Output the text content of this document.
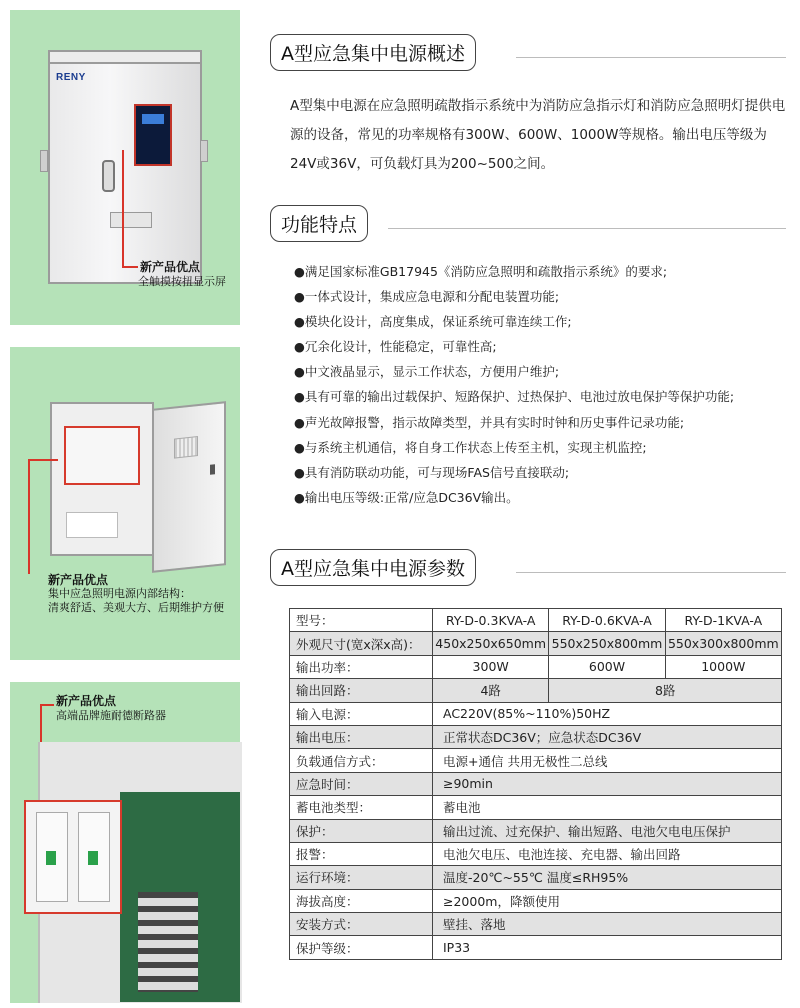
RENY
新产品优点
全触摸按扭显示屏
新产品优点
集中应急照明电源内部结构：
清爽舒适、美观大方、后期维护方便
新产品优点
高端品牌施耐德断路器
A型应急集中电源概述
A型集中电源在应急照明疏散指示系统中为消防应急指示灯和消防应急照明灯提供电源的设备，常见的功率规格有300W、600W、1000W等规格。输出电压等级为24V或36V，可负载灯具为200~500之间。
功能特点
●满足国家标准GB17945《消防应急照明和疏散指示系统》的要求;
●一体式设计，集成应急电源和分配电装置功能;
●模块化设计，高度集成，保证系统可靠连续工作;
●冗余化设计，性能稳定，可靠性高;
●中文液晶显示，显示工作状态，方便用户维护;
●具有可靠的输出过载保护、短路保护、过热保护、电池过放电保护等保护功能;
●声光故障报警，指示故障类型，并具有实时时钟和历史事件记录功能;
●与系统主机通信，将自身工作状态上传至主机，实现主机监控;
●具有消防联动功能，可与现场FAS信号直接联动;
●输出电压等级:正常/应急DC36V输出。
A型应急集中电源参数
型号：	RY-D-0.3KVA-A	RY-D-0.6KVA-A	RY-D-1KVA-A
外观尺寸(宽x深x高)：	450x250x650mm	550x250x800mm	550x300x800mm
输出功率：	300W	600W	1000W
输出回路：	4路	8路	
输入电源：	AC220V(85%~110%)50HZ		
输出电压：	正常状态DC36V；应急状态DC36V		
负载通信方式：	电源+通信 共用无极性二总线		
应急时间：	≥90min		
蓄电池类型：	蓄电池		
保护：	输出过流、过充保护、输出短路、电池欠电电压保护		
报警：	电池欠电压、电池连接、充电器、输出回路		
运行环境：	温度-20℃~55℃ 温度≤RH95%		
海拔高度：	≥2000m，降额使用		
安装方式：	壁挂、落地		
保护等级：	IP33		
